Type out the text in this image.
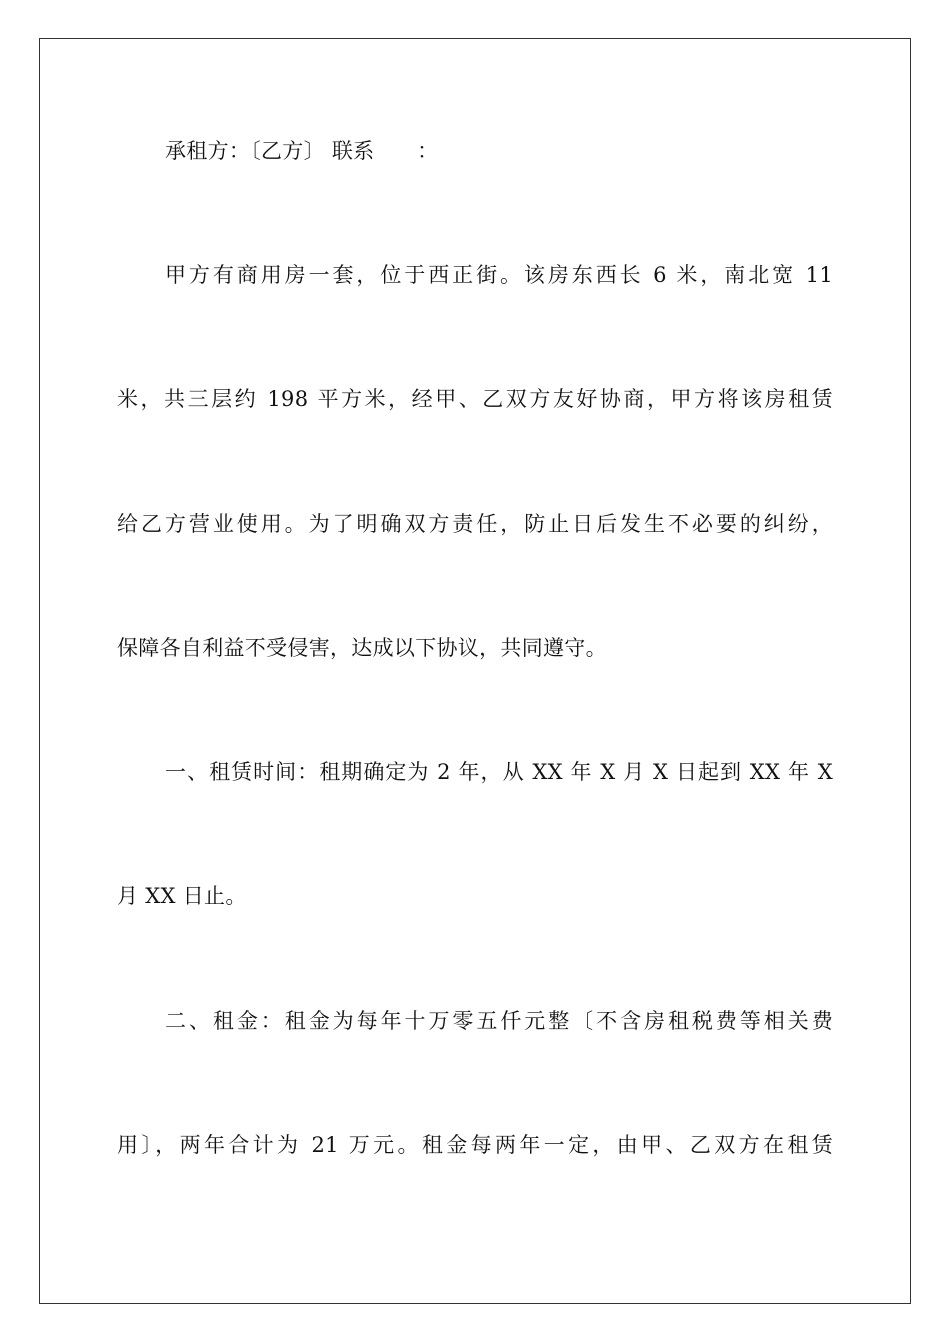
承租方：〔乙方〕 联系　　：
甲方有商用房一套，位于西正街。该房东西长 6 米，南北宽 11
米，共三层约 198 平方米，经甲、乙双方友好协商，甲方将该房租赁
给乙方营业使用。为了明确双方责任，防止日后发生不必要的纠纷，
保障各自利益不受侵害，达成以下协议，共同遵守。
一、租赁时间：租期确定为 2 年，从 XX 年 X 月 X 日起到 XX 年 X
月 XX 日止。
二、租金：租金为每年十万零五仟元整〔不含房租税费等相关费
用〕，两年合计为 21 万元。租金每两年一定，由甲、乙双方在租赁
